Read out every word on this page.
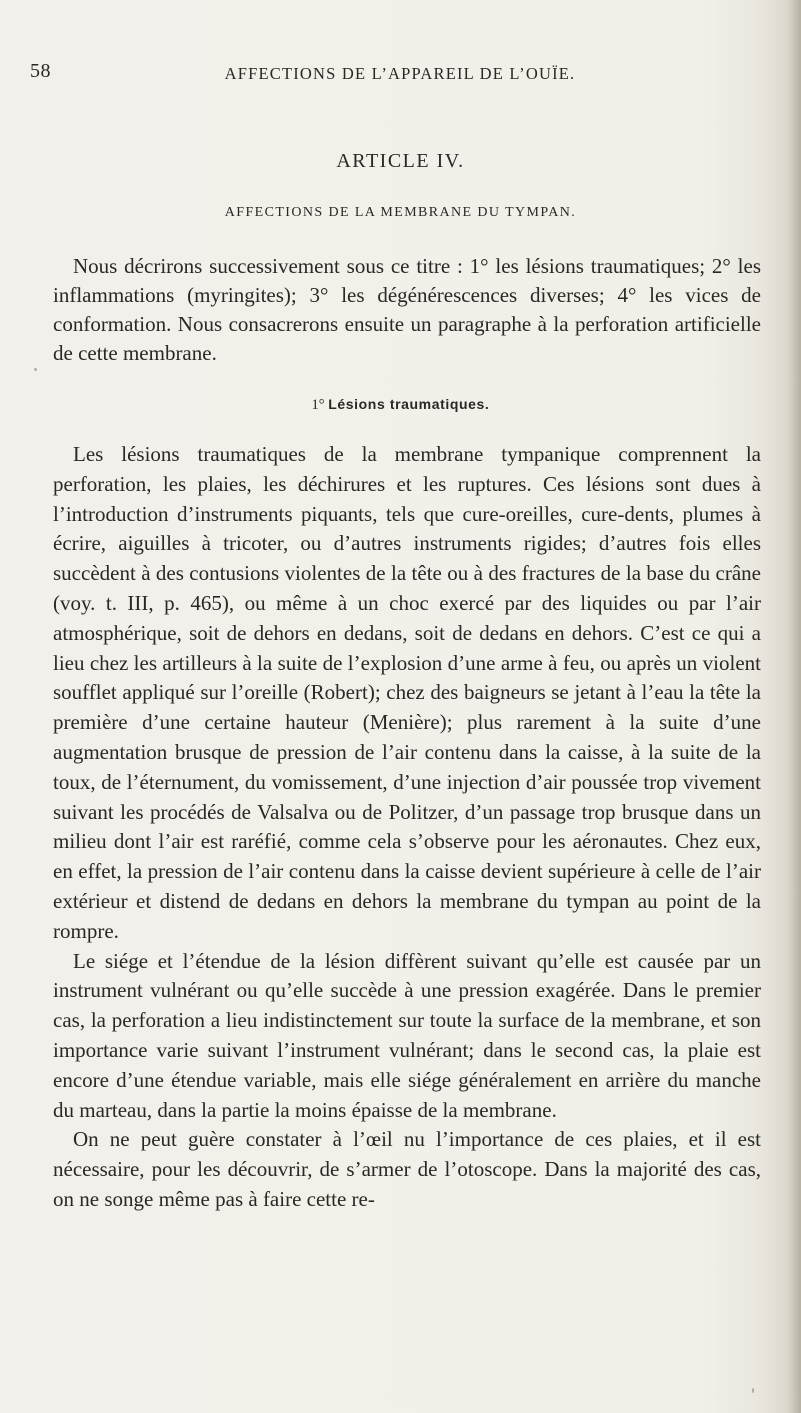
58	AFFECTIONS DE L’APPAREIL DE L’OUÏE.
ARTICLE IV.
AFFECTIONS DE LA MEMBRANE DU TYMPAN.
Nous décrirons successivement sous ce titre : 1° les lésions traumatiques; 2° les inflammations (myringites); 3° les dégénérescences diverses; 4° les vices de conformation. Nous consacrerons ensuite un paragraphe à la perforation artificielle de cette membrane.
1° Lésions traumatiques.

Les lésions traumatiques de la membrane tympanique comprennent la perforation, les plaies, les déchirures et les ruptures. Ces lésions sont dues à l’introduction d’instruments piquants, tels que cure-oreilles, cure-dents, plumes à écrire, aiguilles à tricoter, ou d’autres instruments rigides; d’autres fois elles succèdent à des contusions violentes de la tête ou à des fractures de la base du crâne (voy. t. III, p. 465), ou même à un choc exercé par des liquides ou par l’air atmosphérique, soit de dehors en dedans, soit de dedans en dehors. C’est ce qui a lieu chez les artilleurs à la suite de l’explosion d’une arme à feu, ou après un violent soufflet appliqué sur l’oreille (Robert); chez des baigneurs se jetant à l’eau la tête la première d’une certaine hauteur (Menière); plus rarement à la suite d’une augmentation brusque de pression de l’air contenu dans la caisse, à la suite de la toux, de l’éternument, du vomissement, d’une injection d’air poussée trop vivement suivant les procédés de Valsalva ou de Politzer, d’un passage trop brusque dans un milieu dont l’air est raréfié, comme cela s’observe pour les aéronautes. Chez eux, en effet, la pression de l’air contenu dans la caisse devient supérieure à celle de l’air extérieur et distend de dedans en dehors la membrane du tympan au point de la rompre.

Le siége et l’étendue de la lésion diffèrent suivant qu’elle est causée par un instrument vulnérant ou qu’elle succède à une pression exagérée. Dans le premier cas, la perforation a lieu indistinctement sur toute la surface de la membrane, et son importance varie suivant l’instrument vulnérant; dans le second cas, la plaie est encore d’une étendue variable, mais elle siége généralement en arrière du manche du marteau, dans la partie la moins épaisse de la membrane.

On ne peut guère constater à l’œil nu l’importance de ces plaies, et il est nécessaire, pour les découvrir, de s’armer de l’otoscope. Dans la majorité des cas, on ne songe même pas à faire cette re-
